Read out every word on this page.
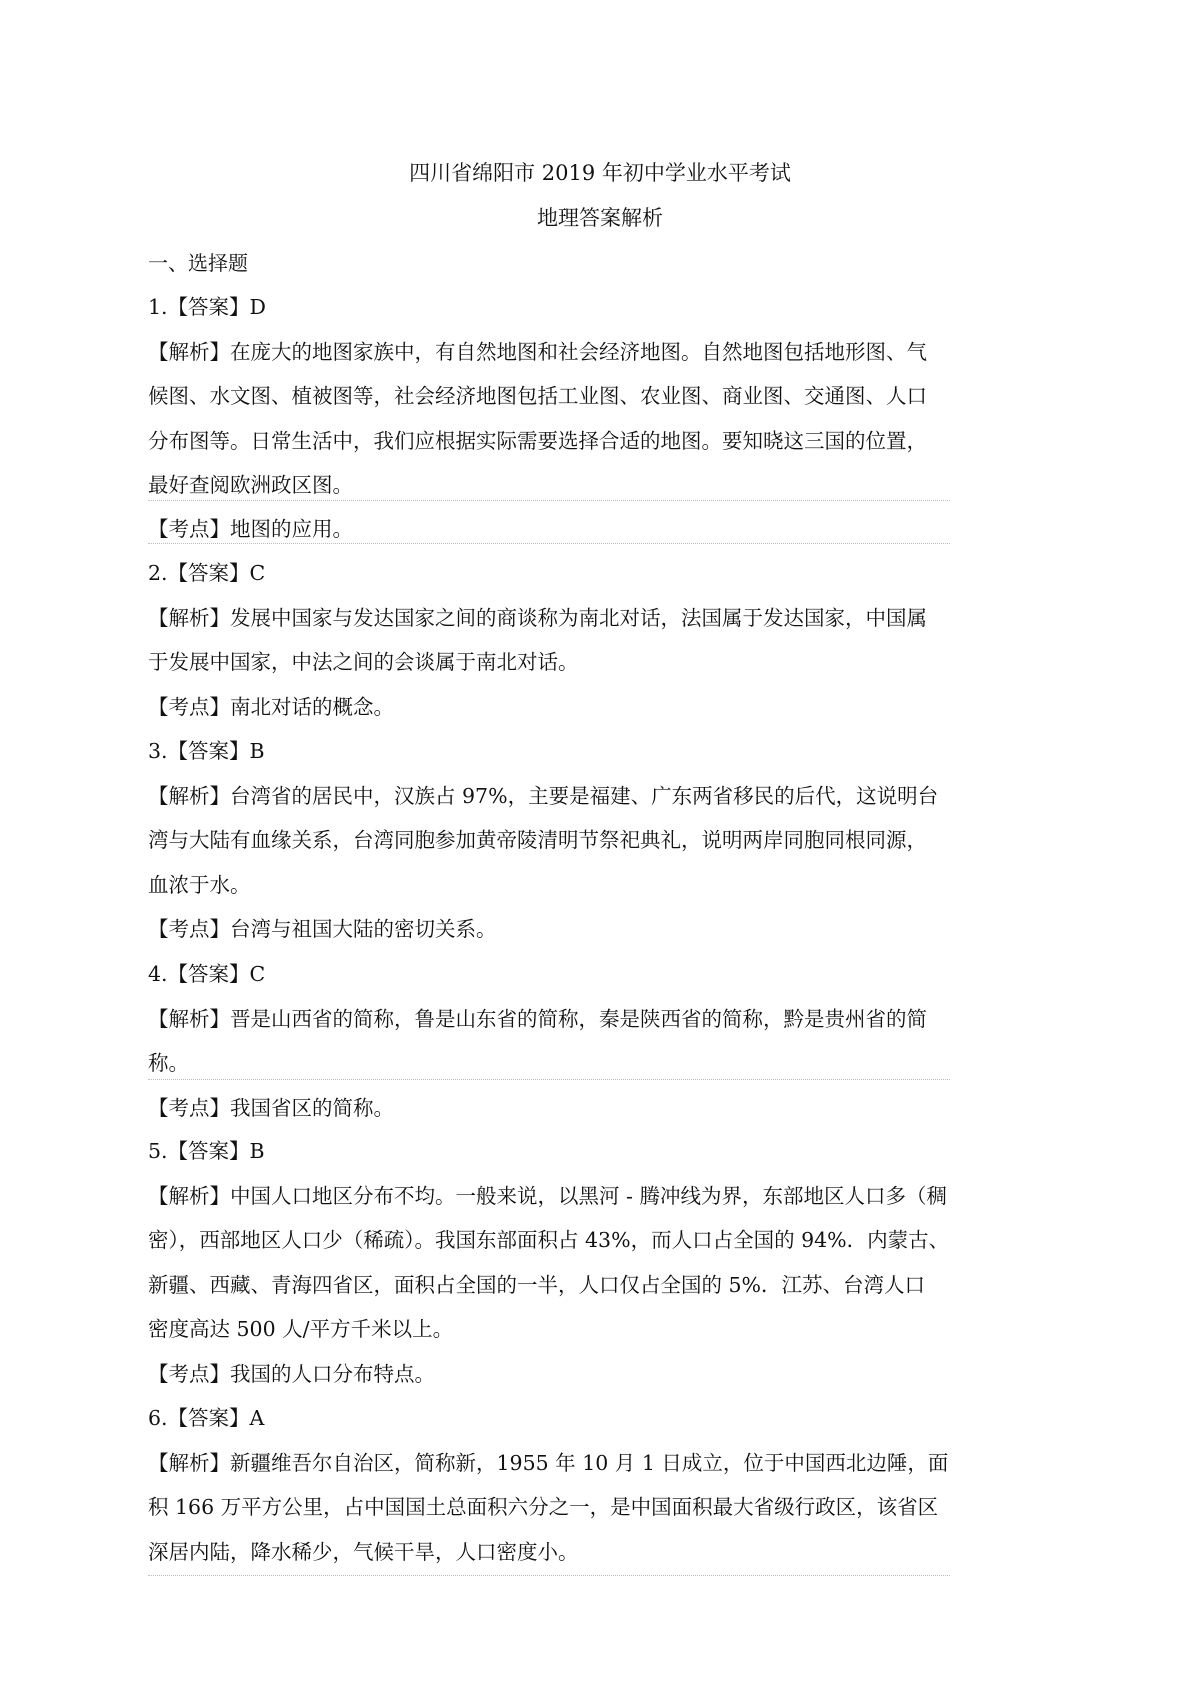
四川省绵阳市 2019 年初中学业水平考试
地理答案解析
一、选择题
1.【答案】D
【解析】在庞大的地图家族中，有自然地图和社会经济地图。自然地图包括地形图、气
候图、水文图、植被图等，社会经济地图包括工业图、农业图、商业图、交通图、人口
分布图等。日常生活中，我们应根据实际需要选择合适的地图。要知晓这三国的位置，
最好查阅欧洲政区图。
【考点】地图的应用。
2.【答案】C
【解析】发展中国家与发达国家之间的商谈称为南北对话，法国属于发达国家，中国属
于发展中国家，中法之间的会谈属于南北对话。
【考点】南北对话的概念。
3.【答案】B
【解析】台湾省的居民中，汉族占 97%，主要是福建、广东两省移民的后代，这说明台
湾与大陆有血缘关系，台湾同胞参加黄帝陵清明节祭祀典礼，说明两岸同胞同根同源，
血浓于水。
【考点】台湾与祖国大陆的密切关系。
4.【答案】C
【解析】晋是山西省的简称，鲁是山东省的简称，秦是陕西省的简称，黔是贵州省的简
称。
【考点】我国省区的简称。
5.【答案】B
【解析】中国人口地区分布不均。一般来说，以黑河 - 腾冲线为界，东部地区人口多（稠
密），西部地区人口少（稀疏）。我国东部面积占 43%，而人口占全国的 94%．内蒙古、
新疆、西藏、青海四省区，面积占全国的一半，人口仅占全国的 5%．江苏、台湾人口
密度高达 500 人/平方千米以上。
【考点】我国的人口分布特点。
6.【答案】A
【解析】新疆维吾尔自治区，简称新，1955 年 10 月 1 日成立，位于中国西北边陲，面
积 166 万平方公里，占中国国土总面积六分之一，是中国面积最大省级行政区，该省区
深居内陆，降水稀少，气候干旱，人口密度小。
